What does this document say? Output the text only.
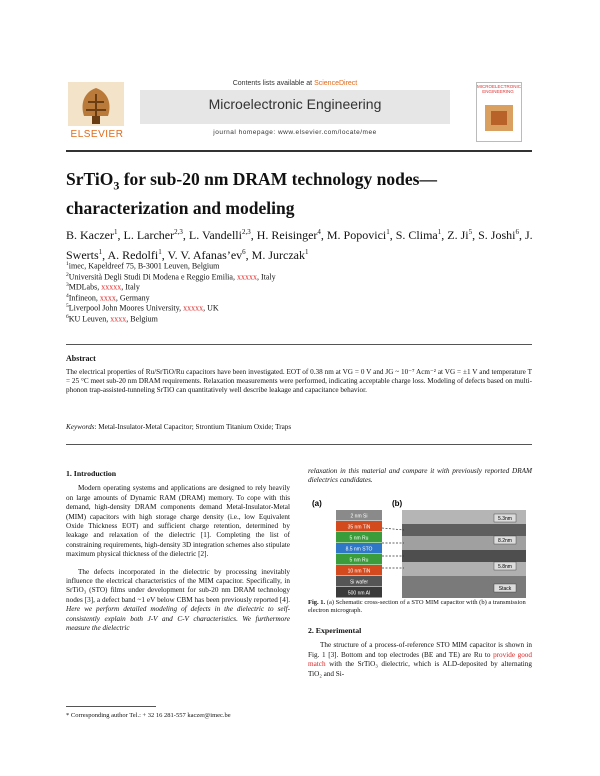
ELSEVIER
Contents lists available at ScienceDirect
Microelectronic Engineering
journal homepage: www.elsevier.com/locate/mee
MICROELECTRONIC ENGINEERING
SrTiO$_3$ for sub-20 nm DRAM technology nodes—
characterization and modeling
B. Kaczer$^1$, L. Larcher$^{2,3}$, L. Vandelli$^{2,3}$, H. Reisinger$^4$, M. Popovici$^1$, S. Clima$^1$, Z. Ji$^5$, S. Joshi$^6$, J. Swerts$^1$, A. Redolfi$^1$, V. V. $Afanas’ev^6$, M. Jurczak$^1$
$^1$imec, Kapeldreef 75, B-3001 Leuven, Belgium
$^2$Università Degli Studi Di Modena e Reggio Emilia, xxxxx, Italy
$^3$MDLabs, xxxxx, Italy
$^4$Infineon, xxxx, Germany
$^5$Liverpool John Moores University, xxxxx, UK
$^6$KU Leuven, xxxx, Belgium
Abstract
The electrical properties of Ru/SrTiO/Ru capacitors have been investigated. EOT of 0.38 nm at VG = 0 V and JG ~ 10⁻⁷ Acm⁻² at VG = ±1 V and temperature T = 25 °C meet sub-20 nm DRAM requirements. Relaxation measurements were performed, indicating acceptable charge loss. Modeling of defects based on multi-phonon trap-assisted-tunneling SrTiO can quantitatively well describe leakage and capacitance behavior.
Keywords: Metal-Insulator-Metal Capacitor; Strontium Titanium Oxide; Traps
1. Introduction
Modern operating systems and applications are designed to rely heavily on large amounts of Dynamic RAM (DRAM) memory. To cope with this demand, high-density DRAM components demand Metal-Insulator-Metal (MIM) capacitors with high storage charge density (i.e., low Equivalent Oxide Thickness EOT) and sufficient charge retention, determined by leakage and relaxation of the dielectric [1]. Completing the list of constraining requirements, high-density 3D integration schemes also stipulate maximum physical thickness of the dielectric [2].
The defects incorporated in the dielectric by processing inevitably influence the electrical characteristics of the MIM capacitor. Specifically, in SrTiO₃ (STO) films under development for sub-20 nm DRAM technology nodes [3], a defect band ~1 eV below CBM has been previously reported [4]. Here we perform detailed modeling of defects in the dielectric to self-consistently explain both J-V and C-V characteristics. We furthermore measure the dielectric
relaxation in this material and compare it with previously reported DRAM dielectrics candidates.
(a)	(b)
2 nm Si
35 nm TiN
5 nm Ru
8.5 nm STO
5 nm Ru
10 nm TiN
Si wafer
500 nm Al
5.3nm
8.2nm
5.8nm
Stack
Fig. 1. (a) Schematic cross-section of a STO MIM capacitor with (b) a transmission electron micrograph.
2. Experimental
The structure of a process-of-reference STO MIM capacitor is shown in Fig. 1 [3]. Bottom and top electrodes (BE and TE) are Ru to provide good match with the SrTiO₃ dielectric, which is ALD-deposited by alternating TiO₂ and Si-
* Corresponding author Tel.: + 32 16 281-557 kaczer@imec.be
